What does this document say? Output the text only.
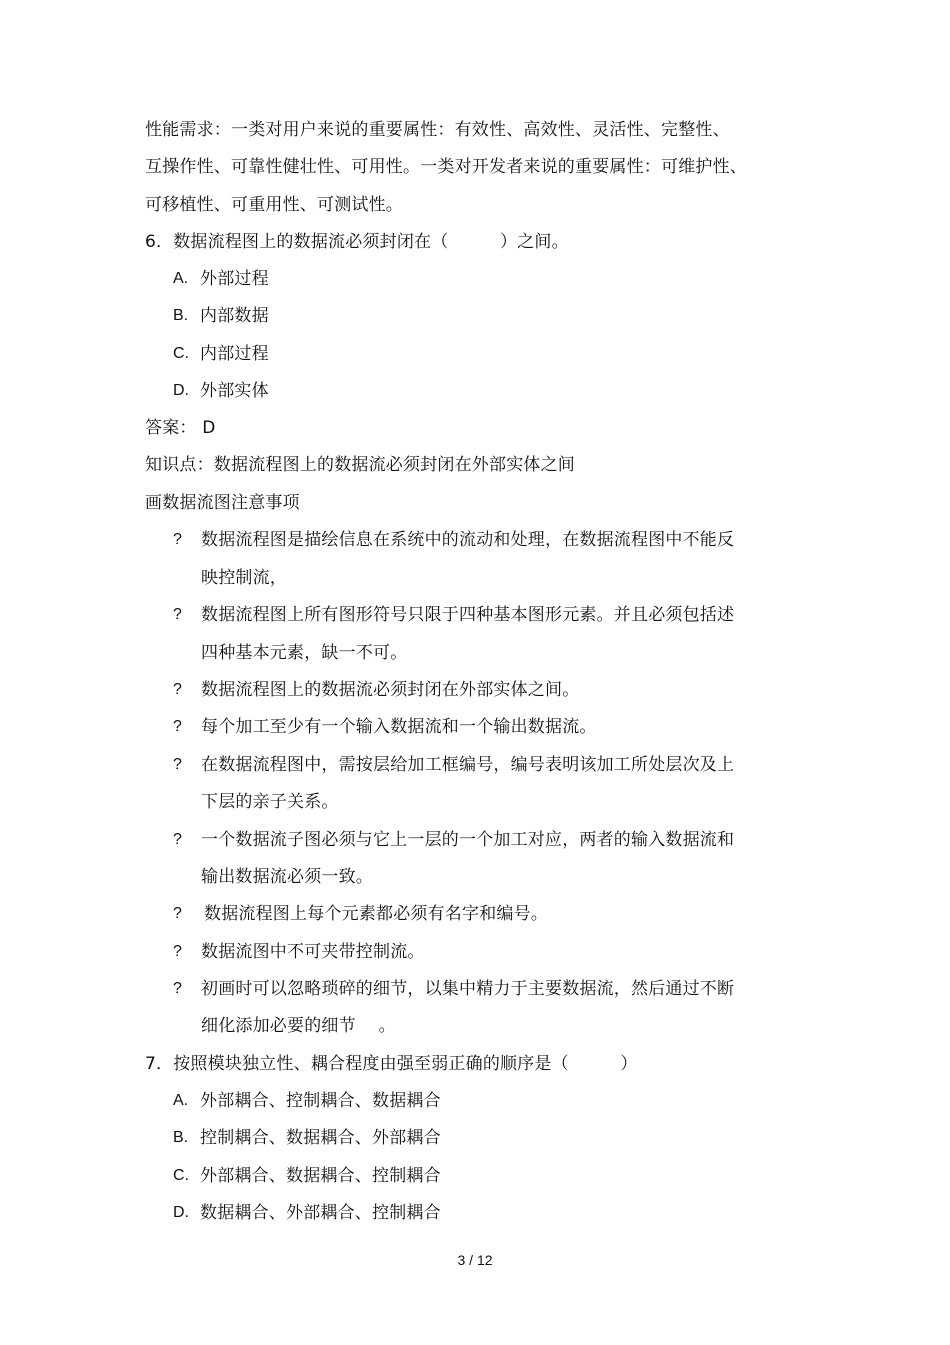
性能需求：一类对用户来说的重要属性：有效性、高效性、灵活性、完整性、
互操作性、可靠性健壮性、可用性。一类对开发者来说的重要属性：可维护性、
可移植性、可重用性、可测试性。
6．数据流程图上的数据流必须封闭在（　　　）之间。
A. 外部过程
B. 内部数据
C. 内部过程
D. 外部实体
答案： D
知识点：数据流程图上的数据流必须封闭在外部实体之间
画数据流图注意事项
? 数据流程图是描绘信息在系统中的流动和处理，在数据流程图中不能反
映控制流，
? 数据流程图上所有图形符号只限于四种基本图形元素。并且必须包括述
四种基本元素，缺一不可。
? 数据流程图上的数据流必须封闭在外部实体之间。
? 每个加工至少有一个输入数据流和一个输出数据流。
? 在数据流程图中，需按层给加工框编号，编号表明该加工所处层次及上
下层的亲子关系。
? 一个数据流子图必须与它上一层的一个加工对应，两者的输入数据流和
输出数据流必须一致。
? 数据流程图上每个元素都必须有名字和编号。
? 数据流图中不可夹带控制流。
? 初画时可以忽略琐碎的细节，以集中精力于主要数据流，然后通过不断
细化添加必要的细节　 。
7．按照模块独立性、耦合程度由强至弱正确的顺序是（　　　）
A. 外部耦合、控制耦合、数据耦合
B. 控制耦合、数据耦合、外部耦合
C. 外部耦合、数据耦合、控制耦合
D. 数据耦合、外部耦合、控制耦合
3 / 12
